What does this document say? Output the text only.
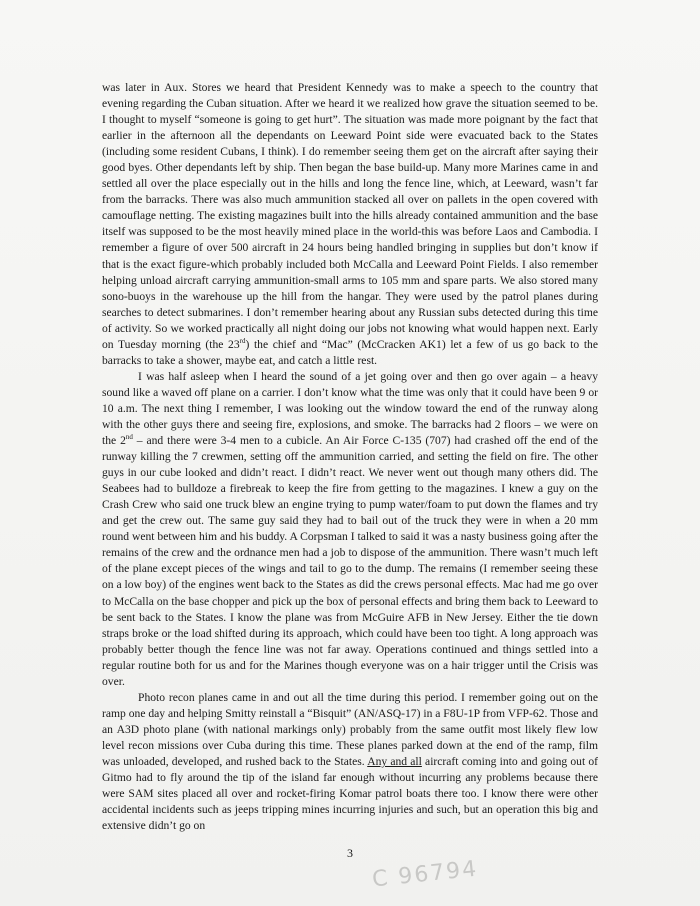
was later in Aux. Stores we heard that President Kennedy was to make a speech to the country that evening regarding the Cuban situation. After we heard it we realized how grave the situation seemed to be. I thought to myself “someone is going to get hurt”. The situation was made more poignant by the fact that earlier in the afternoon all the dependants on Leeward Point side were evacuated back to the States (including some resident Cubans, I think). I do remember seeing them get on the aircraft after saying their good byes. Other dependants left by ship. Then began the base build-up. Many more Marines came in and settled all over the place especially out in the hills and long the fence line, which, at Leeward, wasn’t far from the barracks. There was also much ammunition stacked all over on pallets in the open covered with camouflage netting. The existing magazines built into the hills already contained ammunition and the base itself was supposed to be the most heavily mined place in the world-this was before Laos and Cambodia. I remember a figure of over 500 aircraft in 24 hours being handled bringing in supplies but don’t know if that is the exact figure-which probably included both McCalla and Leeward Point Fields. I also remember helping unload aircraft carrying ammunition-small arms to 105 mm and spare parts. We also stored many sono-buoys in the warehouse up the hill from the hangar. They were used by the patrol planes during searches to detect submarines. I don’t remember hearing about any Russian subs detected during this time of activity. So we worked practically all night doing our jobs not knowing what would happen next. Early on Tuesday morning (the 23rd) the chief and “Mac” (McCracken AK1) let a few of us go back to the barracks to take a shower, maybe eat, and catch a little rest.

I was half asleep when I heard the sound of a jet going over and then go over again – a heavy sound like a waved off plane on a carrier. I don’t know what the time was only that it could have been 9 or 10 a.m. The next thing I remember, I was looking out the window toward the end of the runway along with the other guys there and seeing fire, explosions, and smoke. The barracks had 2 floors – we were on the 2nd – and there were 3-4 men to a cubicle. An Air Force C-135 (707) had crashed off the end of the runway killing the 7 crewmen, setting off the ammunition carried, and setting the field on fire. The other guys in our cube looked and didn’t react. I didn’t react. We never went out though many others did. The Seabees had to bulldoze a firebreak to keep the fire from getting to the magazines. I knew a guy on the Crash Crew who said one truck blew an engine trying to pump water/foam to put down the flames and try and get the crew out. The same guy said they had to bail out of the truck they were in when a 20 mm round went between him and his buddy. A Corpsman I talked to said it was a nasty business going after the remains of the crew and the ordnance men had a job to dispose of the ammunition. There wasn’t much left of the plane except pieces of the wings and tail to go to the dump. The remains (I remember seeing these on a low boy) of the engines went back to the States as did the crews personal effects. Mac had me go over to McCalla on the base chopper and pick up the box of personal effects and bring them back to Leeward to be sent back to the States. I know the plane was from McGuire AFB in New Jersey. Either the tie down straps broke or the load shifted during its approach, which could have been too tight. A long approach was probably better though the fence line was not far away. Operations continued and things settled into a regular routine both for us and for the Marines though everyone was on a hair trigger until the Crisis was over.

Photo recon planes came in and out all the time during this period. I remember going out on the ramp one day and helping Smitty reinstall a “Bisquit” (AN/ASQ-17) in a F8U-1P from VFP-62. Those and an A3D photo plane (with national markings only) probably from the same outfit most likely flew low level recon missions over Cuba during this time. These planes parked down at the end of the ramp, film was unloaded, developed, and rushed back to the States. Any and all aircraft coming into and going out of Gitmo had to fly around the tip of the island far enough without incurring any problems because there were SAM sites placed all over and rocket-firing Komar patrol boats there too. I know there were other accidental incidents such as jeeps tripping mines incurring injuries and such, but an operation this big and extensive didn’t go on

3
C 96794
